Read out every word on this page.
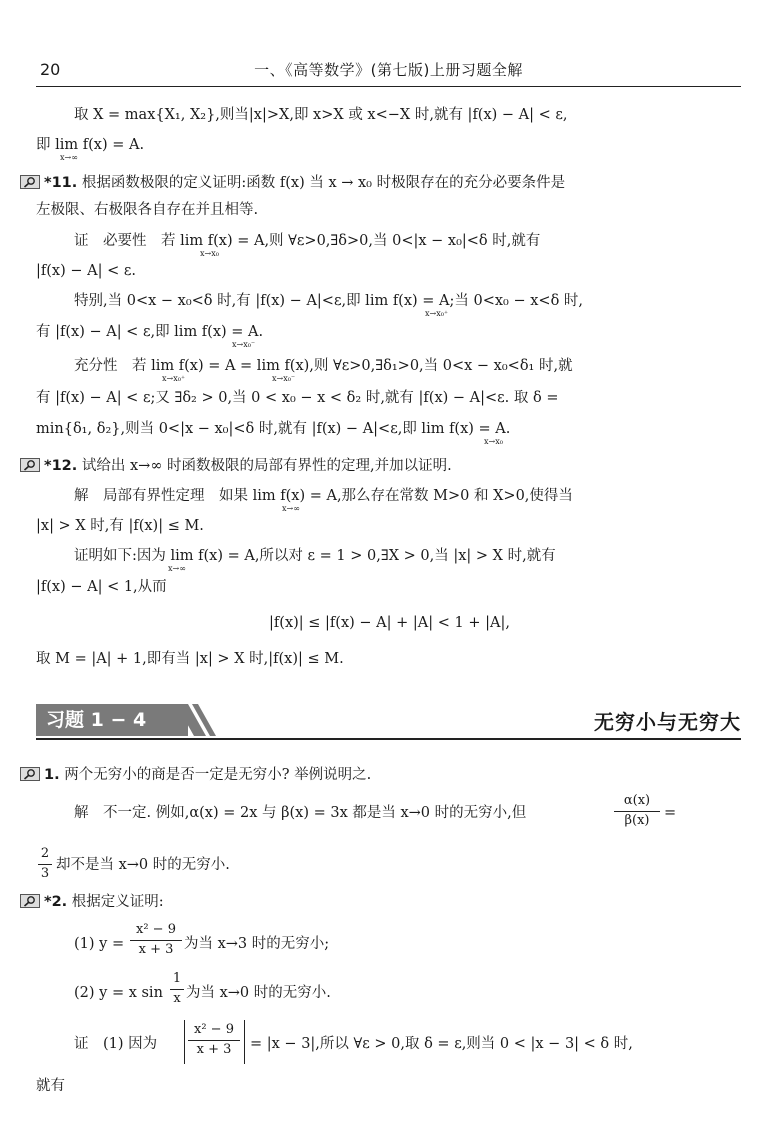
20	一、《高等数学》(第七版)上册习题全解
取 X = max{X₁, X₂},则当|x|>X,即 x>X 或 x<−X 时,就有 |f(x) − A| < ε,
即 lim f(x) = A.
x→∞
*11. 根据函数极限的定义证明:函数 f(x) 当 x → x₀ 时极限存在的充分必要条件是
左极限、右极限各自存在并且相等.
证　必要性　若 lim f(x) = A,则 ∀ε>0,∃δ>0,当 0<|x − x₀|<δ 时,就有
x→x₀
|f(x) − A| < ε.
特别,当 0<x − x₀<δ 时,有 |f(x) − A|<ε,即 lim f(x) = A;当 0<x₀ − x<δ 时,
x→x₀⁺
有 |f(x) − A| < ε,即 lim f(x) = A.
x→x₀⁻
充分性　若 lim f(x) = A = lim f(x),则 ∀ε>0,∃δ₁>0,当 0<x − x₀<δ₁ 时,就
x→x₀⁺	x→x₀⁻
有 |f(x) − A| < ε;又 ∃δ₂ > 0,当 0 < x₀ − x < δ₂ 时,就有 |f(x) − A|<ε. 取 δ =
min{δ₁, δ₂},则当 0<|x − x₀|<δ 时,就有 |f(x) − A|<ε,即 lim f(x) = A.
x→x₀
*12. 试给出 x→∞ 时函数极限的局部有界性的定理,并加以证明.
解　局部有界性定理　如果 lim f(x) = A,那么存在常数 M>0 和 X>0,使得当
x→∞
|x| > X 时,有 |f(x)| ≤ M.
证明如下:因为 lim f(x) = A,所以对 ε = 1 > 0,∃X > 0,当 |x| > X 时,就有
x→∞
|f(x) − A| < 1,从而
|f(x)| ≤ |f(x) − A| + |A| < 1 + |A|,
取 M = |A| + 1,即有当 |x| > X 时,|f(x)| ≤ M.
习题 1 − 4	无穷小与无穷大
1. 两个无穷小的商是否一定是无穷小? 举例说明之.
解　不一定. 例如,α(x) = 2x 与 β(x) = 3x 都是当 x→0 时的无穷小,但
α(x)
β(x)	=
2
3
却不是当 x→0 时的无穷小.
*2. 根据定义证明:
(1) y =
x² − 9
x + 3 为当 x→3 时的无穷小;
(2) y = x sin
1
x 为当 x→0 时的无穷小.
证　(1) 因为
x² − 9
x + 3	= |x − 3|,所以 ∀ε > 0,取 δ = ε,则当 0 < |x − 3| < δ 时,
就有
